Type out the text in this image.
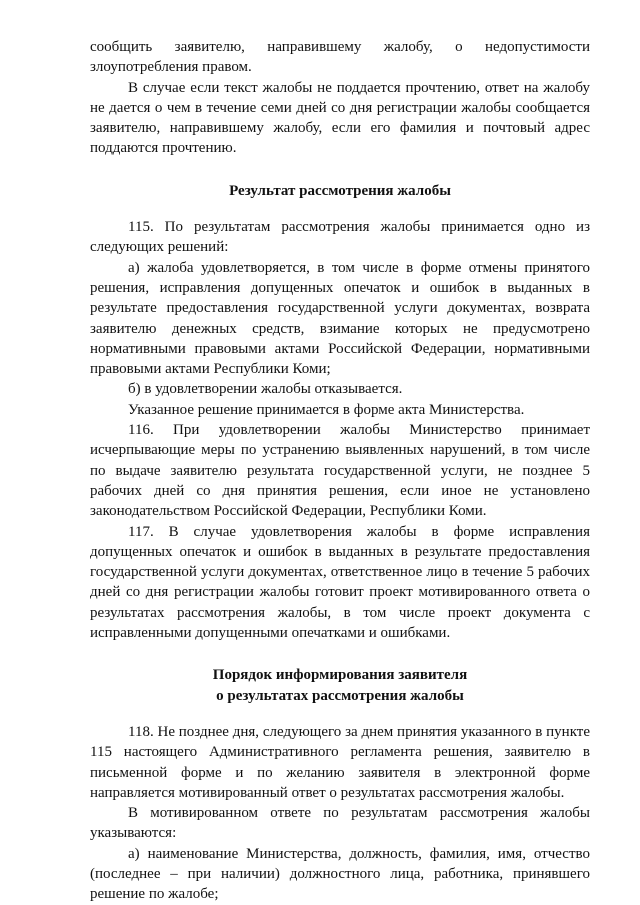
сообщить заявителю, направившему жалобу, о недопустимости злоупотребления правом.

В случае если текст жалобы не поддается прочтению, ответ на жалобу не дается о чем в течение семи дней со дня регистрации жалобы сообщается заявителю, направившему жалобу, если его фамилия и почтовый адрес поддаются прочтению.

Результат рассмотрения жалобы

115. По результатам рассмотрения жалобы принимается одно из следующих решений:

а) жалоба удовлетворяется, в том числе в форме отмены принятого решения, исправления допущенных опечаток и ошибок в выданных в результате предоставления государственной услуги документах, возврата заявителю денежных средств, взимание которых не предусмотрено нормативными правовыми актами Российской Федерации, нормативными правовыми актами Республики Коми;

б) в удовлетворении жалобы отказывается.

Указанное решение принимается в форме акта Министерства.

116. При удовлетворении жалобы Министерство принимает исчерпывающие меры по устранению выявленных нарушений, в том числе по выдаче заявителю результата государственной услуги, не позднее 5 рабочих дней со дня принятия решения, если иное не установлено законодательством Российской Федерации, Республики Коми.

117. В случае удовлетворения жалобы в форме исправления допущенных опечаток и ошибок в выданных в результате предоставления государственной услуги документах, ответственное лицо в течение 5 рабочих дней со дня регистрации жалобы готовит проект мотивированного ответа о результатах рассмотрения жалобы, в том числе проект документа с исправленными допущенными опечатками и ошибками.

Порядок информирования заявителя
о результатах рассмотрения жалобы

118. Не позднее дня, следующего за днем принятия указанного в пункте 115 настоящего Административного регламента решения, заявителю в письменной форме и по желанию заявителя в электронной форме направляется мотивированный ответ о результатах рассмотрения жалобы.

В мотивированном ответе по результатам рассмотрения жалобы указываются:

а) наименование Министерства, должность, фамилия, имя, отчество (последнее – при наличии) должностного лица, работника, принявшего решение по жалобе;
